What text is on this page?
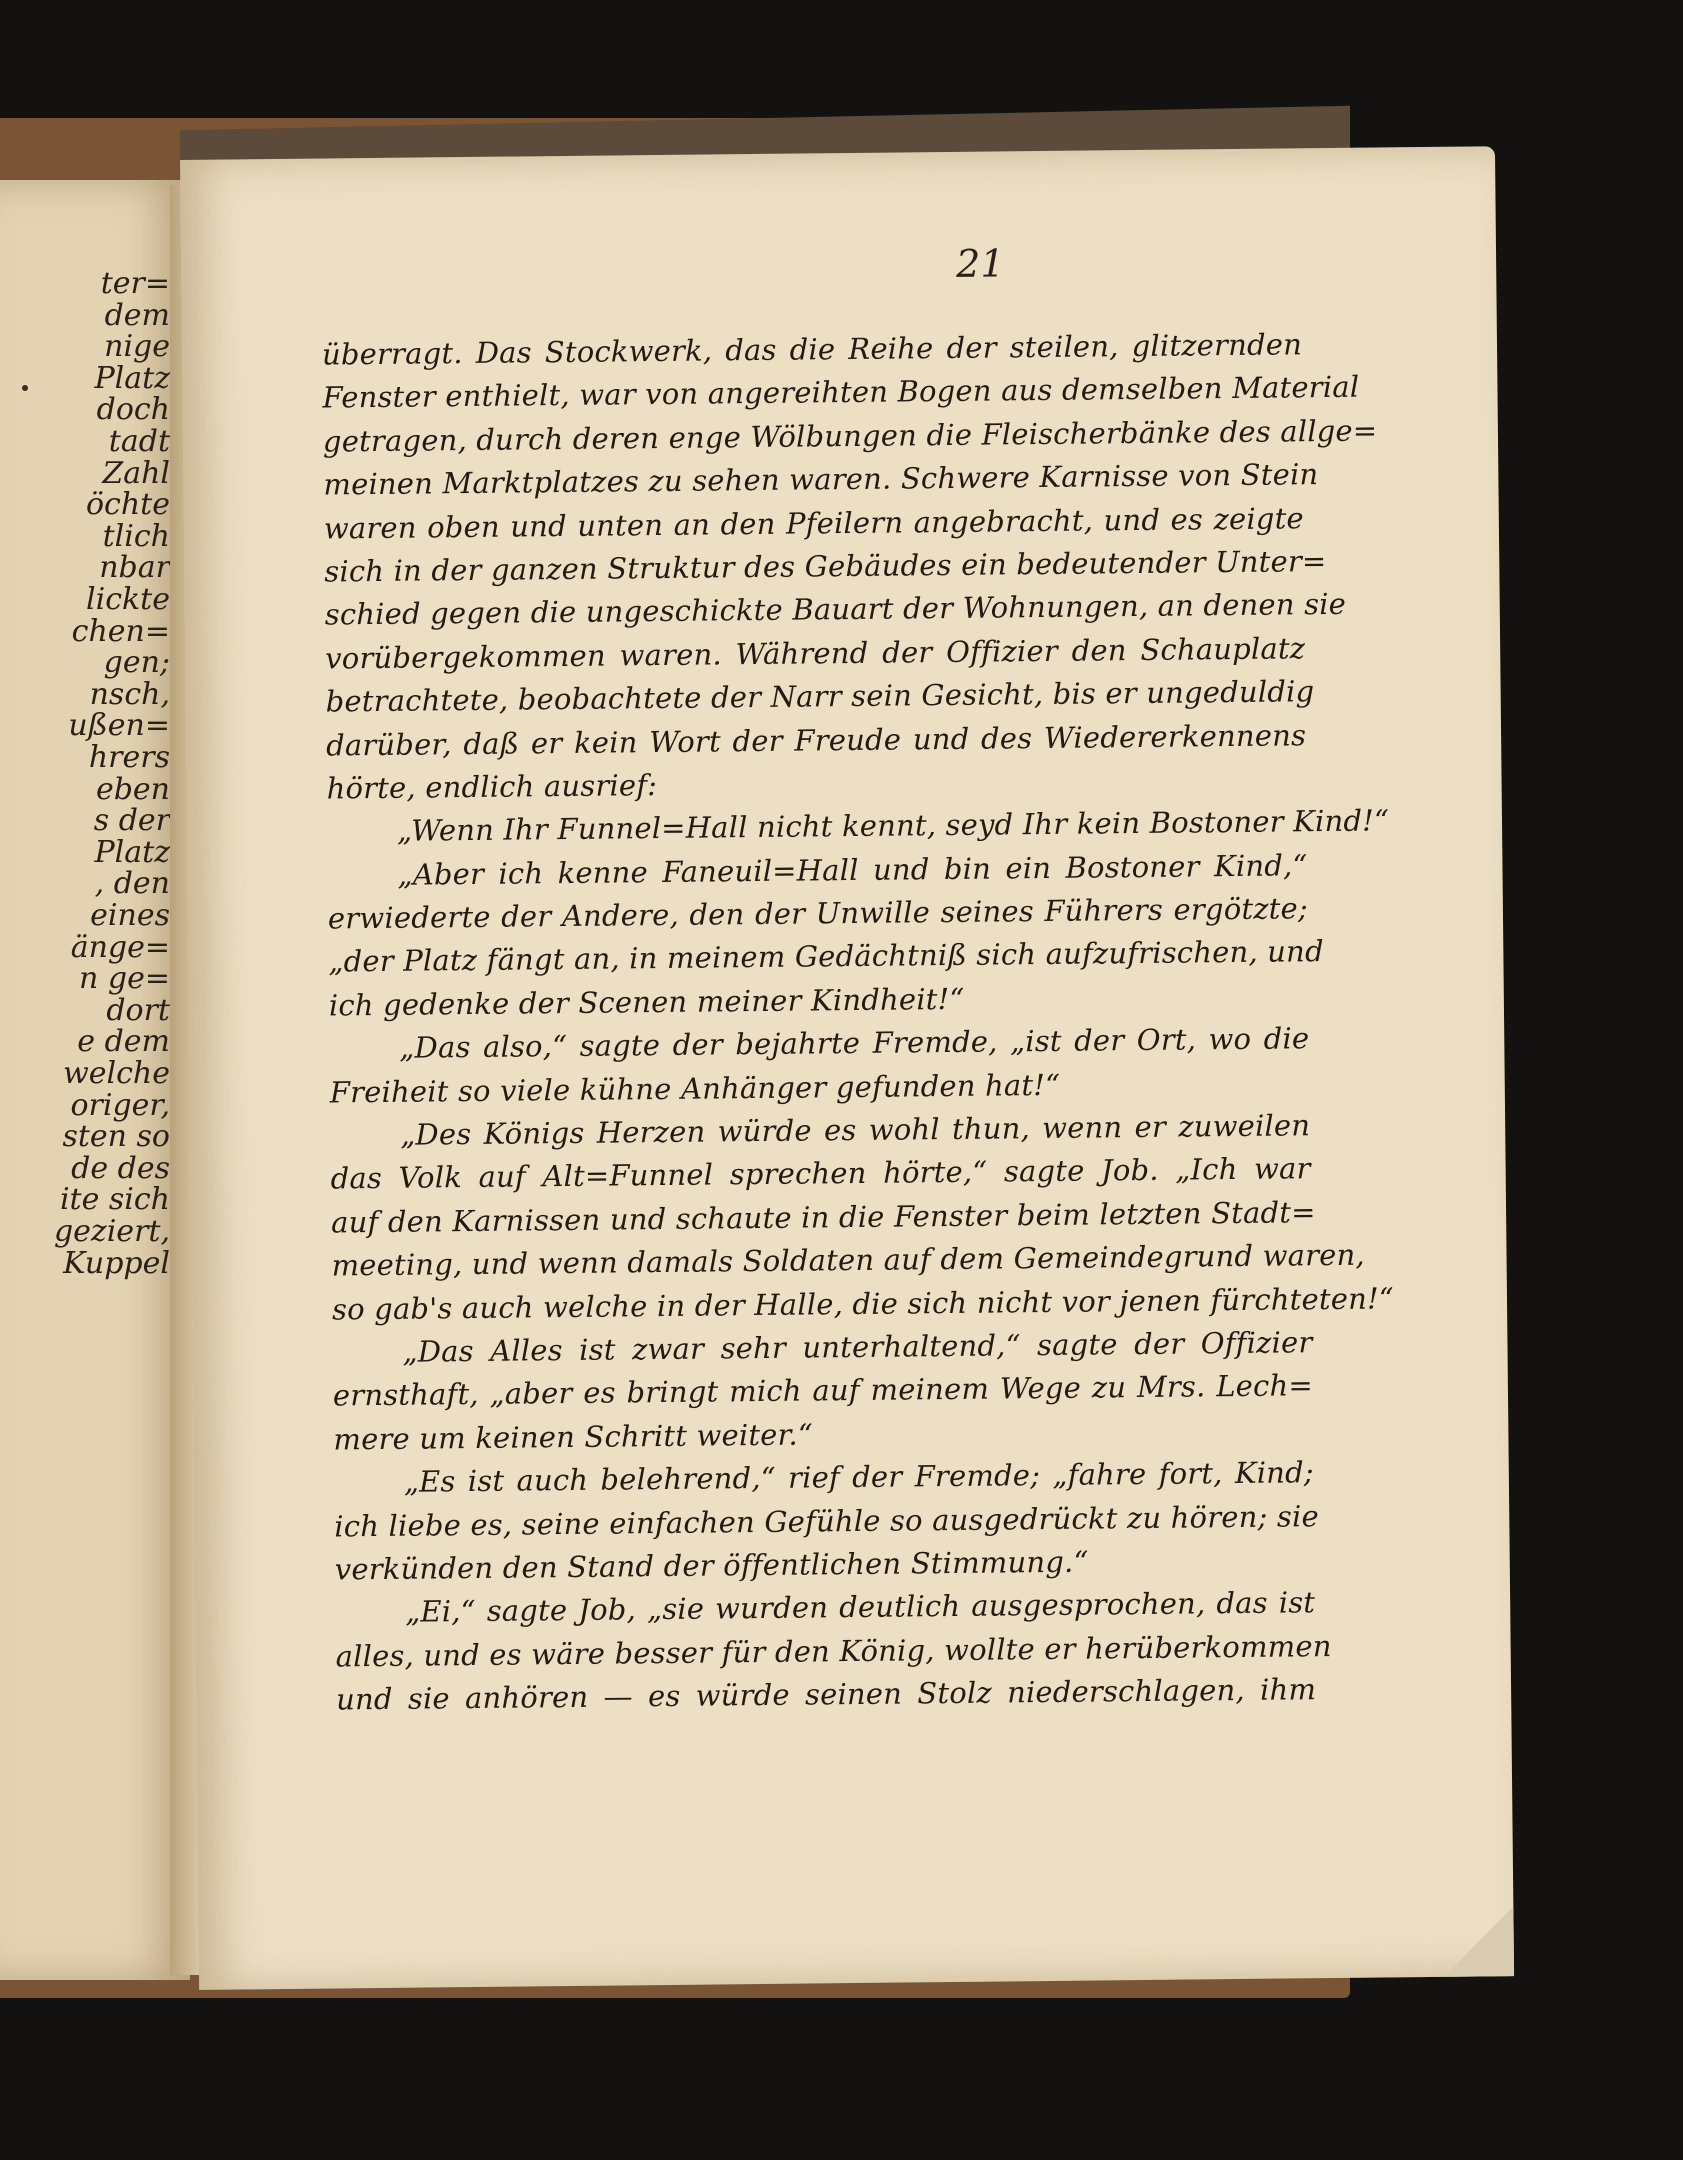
ter=
dem
nige
Platz
doch
tadt
Zahl
öchte
tlich
nbar
lickte
chen=
gen;
nsch,
ußen=
hrers
eben
s der
Platz
, den
eines
änge=
n ge=
dort
e dem
welche
origer,
sten so
de des
ite sich
geziert,
Kuppel
21
überragt. Das Stockwerk, das die Reihe der steilen, glitzernden
Fenster enthielt, war von angereihten Bogen aus demselben Material
getragen, durch deren enge Wölbungen die Fleischerbänke des allge=
meinen Marktplatzes zu sehen waren. Schwere Karnisse von Stein
waren oben und unten an den Pfeilern angebracht, und es zeigte
sich in der ganzen Struktur des Gebäudes ein bedeutender Unter=
schied gegen die ungeschickte Bauart der Wohnungen, an denen sie
vorübergekommen waren. Während der Offizier den Schauplatz
betrachtete, beobachtete der Narr sein Gesicht, bis er ungeduldig
darüber, daß er kein Wort der Freude und des Wiedererkennens
hörte, endlich ausrief:
„Wenn Ihr Funnel=Hall nicht kennt, seyd Ihr kein Bostoner Kind!“
„Aber ich kenne Faneuil=Hall und bin ein Bostoner Kind,“
erwiederte der Andere, den der Unwille seines Führers ergötzte;
„der Platz fängt an, in meinem Gedächtniß sich aufzufrischen, und
ich gedenke der Scenen meiner Kindheit!“
„Das also,“ sagte der bejahrte Fremde, „ist der Ort, wo die
Freiheit so viele kühne Anhänger gefunden hat!“
„Des Königs Herzen würde es wohl thun, wenn er zuweilen
das Volk auf Alt=Funnel sprechen hörte,“ sagte Job. „Ich war
auf den Karnissen und schaute in die Fenster beim letzten Stadt=
meeting, und wenn damals Soldaten auf dem Gemeindegrund waren,
so gab's auch welche in der Halle, die sich nicht vor jenen fürchteten!“
„Das Alles ist zwar sehr unterhaltend,“ sagte der Offizier
ernsthaft, „aber es bringt mich auf meinem Wege zu Mrs. Lech=
mere um keinen Schritt weiter.“
„Es ist auch belehrend,“ rief der Fremde; „fahre fort, Kind;
ich liebe es, seine einfachen Gefühle so ausgedrückt zu hören; sie
verkünden den Stand der öffentlichen Stimmung.“
„Ei,“ sagte Job, „sie wurden deutlich ausgesprochen, das ist
alles, und es wäre besser für den König, wollte er herüberkommen
und sie anhören — es würde seinen Stolz niederschlagen, ihm
